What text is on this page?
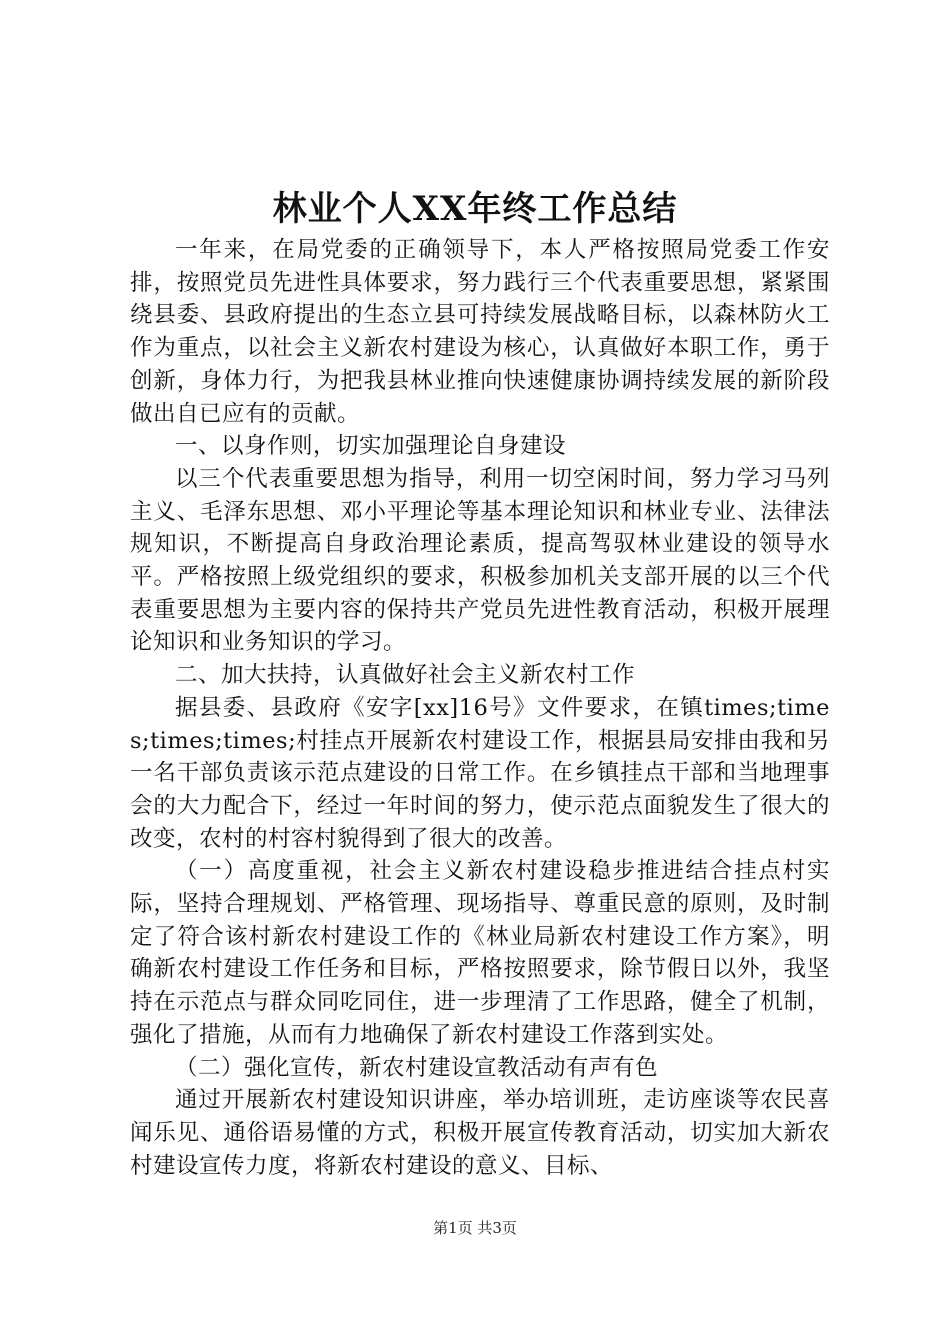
林业个人XX年终工作总结

一年来，在局党委的正确领导下，本人严格按照局党委工作安排，按照党员先进性具体要求，努力践行三个代表重要思想，紧紧围绕县委、县政府提出的生态立县可持续发展战略目标，以森林防火工作为重点，以社会主义新农村建设为核心，认真做好本职工作，勇于创新，身体力行，为把我县林业推向快速健康协调持续发展的新阶段做出自已应有的贡献。

一、以身作则，切实加强理论自身建设

以三个代表重要思想为指导，利用一切空闲时间，努力学习马列主义、毛泽东思想、邓小平理论等基本理论知识和林业专业、法律法规知识，不断提高自身政治理论素质，提高驾驭林业建设的领导水平。严格按照上级党组织的要求，积极参加机关支部开展的以三个代表重要思想为主要内容的保持共产党员先进性教育活动，积极开展理论知识和业务知识的学习。

二、加大扶持，认真做好社会主义新农村工作

据县委、县政府《安字[xx]16号》文件要求，在镇times;times;times;times;村挂点开展新农村建设工作，根据县局安排由我和另一名干部负责该示范点建设的日常工作。在乡镇挂点干部和当地理事会的大力配合下，经过一年时间的努力，使示范点面貌发生了很大的改变，农村的村容村貌得到了很大的改善。

（一）高度重视，社会主义新农村建设稳步推进结合挂点村实际，坚持合理规划、严格管理、现场指导、尊重民意的原则，及时制定了符合该村新农村建设工作的《林业局新农村建设工作方案》，明确新农村建设工作任务和目标，严格按照要求，除节假日以外，我坚持在示范点与群众同吃同住，进一步理清了工作思路，健全了机制，强化了措施，从而有力地确保了新农村建设工作落到实处。

（二）强化宣传，新农村建设宣教活动有声有色

通过开展新农村建设知识讲座，举办培训班，走访座谈等农民喜闻乐见、通俗语易懂的方式，积极开展宣传教育活动，切实加大新农村建设宣传力度，将新农村建设的意义、目标、

第1页 共3页
